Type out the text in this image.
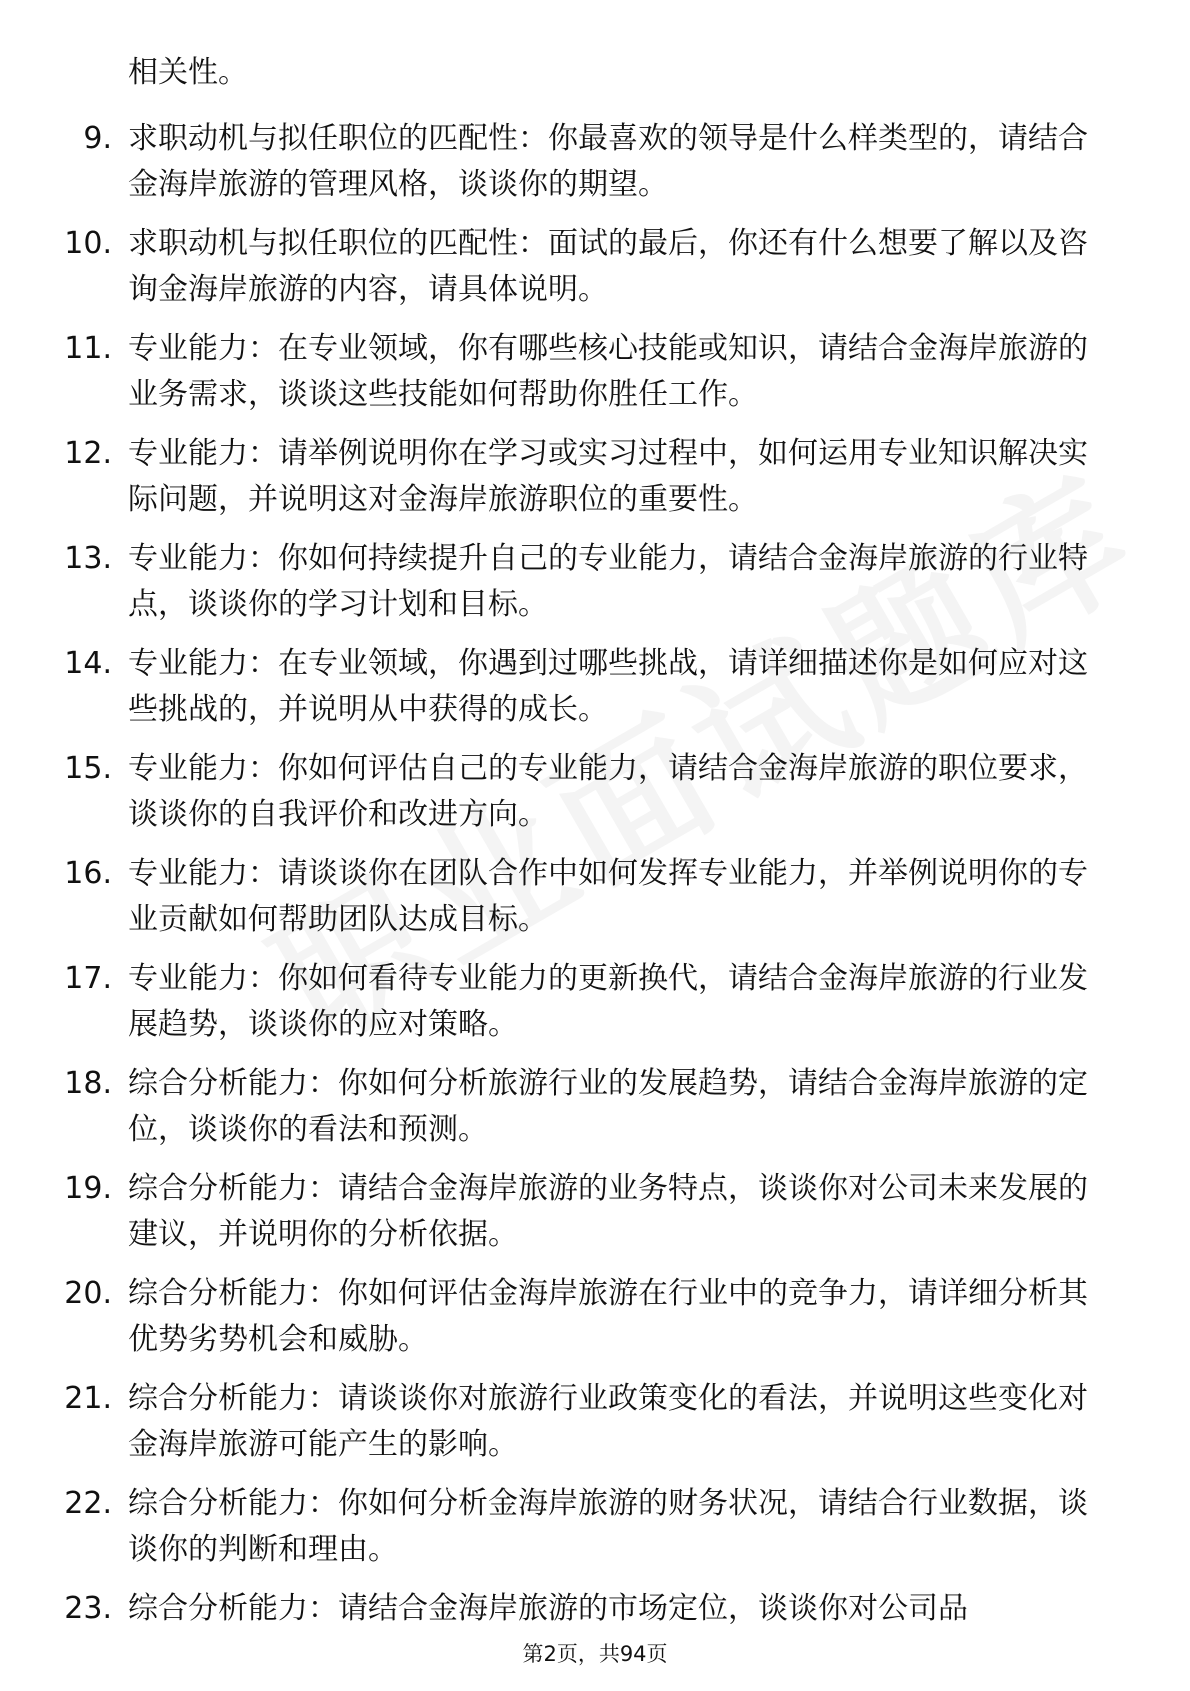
相关性。

9. 求职动机与拟任职位的匹配性：你最喜欢的领导是什么样类型的，请结合金海岸旅游的管理风格，谈谈你的期望。
10. 求职动机与拟任职位的匹配性：面试的最后，你还有什么想要了解以及咨询金海岸旅游的内容，请具体说明。
11. 专业能力：在专业领域，你有哪些核心技能或知识，请结合金海岸旅游的业务需求，谈谈这些技能如何帮助你胜任工作。
12. 专业能力：请举例说明你在学习或实习过程中，如何运用专业知识解决实际问题，并说明这对金海岸旅游职位的重要性。
13. 专业能力：你如何持续提升自己的专业能力，请结合金海岸旅游的行业特点，谈谈你的学习计划和目标。
14. 专业能力：在专业领域，你遇到过哪些挑战，请详细描述你是如何应对这些挑战的，并说明从中获得的成长。
15. 专业能力：你如何评估自己的专业能力，请结合金海岸旅游的职位要求，谈谈你的自我评价和改进方向。
16. 专业能力：请谈谈你在团队合作中如何发挥专业能力，并举例说明你的专业贡献如何帮助团队达成目标。
17. 专业能力：你如何看待专业能力的更新换代，请结合金海岸旅游的行业发展趋势，谈谈你的应对策略。
18. 综合分析能力：你如何分析旅游行业的发展趋势，请结合金海岸旅游的定位，谈谈你的看法和预测。
19. 综合分析能力：请结合金海岸旅游的业务特点，谈谈你对公司未来发展的建议，并说明你的分析依据。
20. 综合分析能力：你如何评估金海岸旅游在行业中的竞争力，请详细分析其优势劣势机会和威胁。
21. 综合分析能力：请谈谈你对旅游行业政策变化的看法，并说明这些变化对金海岸旅游可能产生的影响。
22. 综合分析能力：你如何分析金海岸旅游的财务状况，请结合行业数据，谈谈你的判断和理由。
23. 综合分析能力：请结合金海岸旅游的市场定位，谈谈你对公司品
第2页，共94页
